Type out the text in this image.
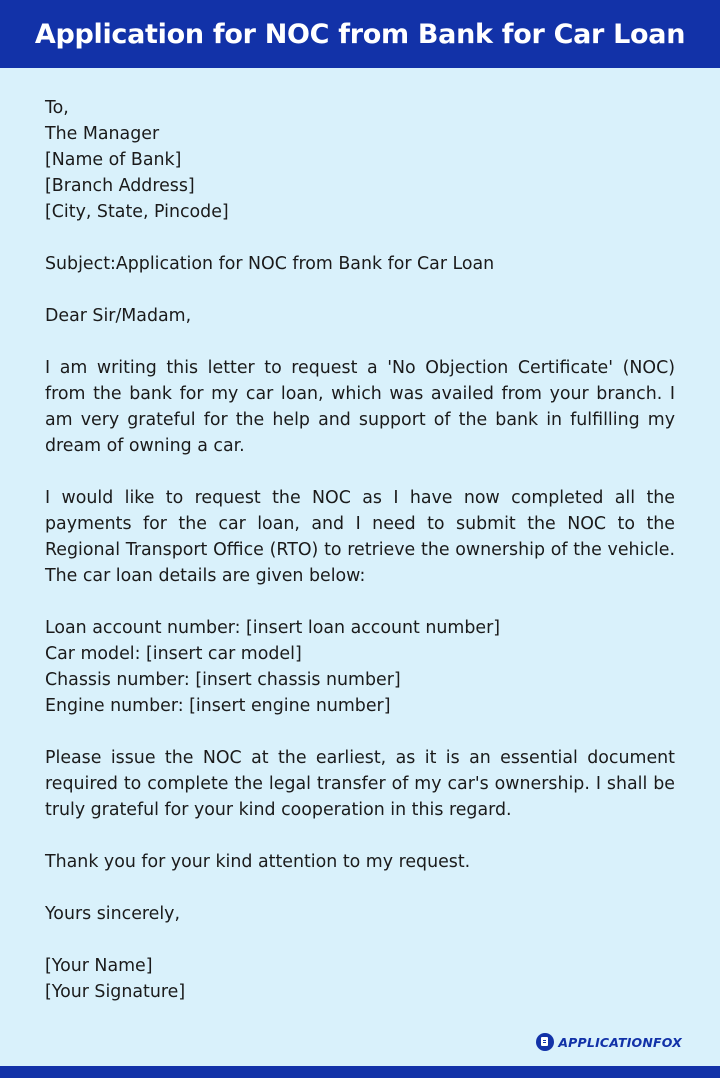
Application for NOC from Bank for Car Loan
To,
The Manager
[Name of Bank]
[Branch Address]
[City, State, Pincode]
Subject:Application for NOC from Bank for Car Loan
Dear Sir/Madam,

I am writing this letter to request a 'No Objection Certificate' (NOC) from the bank for my car loan, which was availed from your branch. I am very grateful for the help and support of the bank in fulfilling my dream of owning a car.

I would like to request the NOC as I have now completed all the payments for the car loan, and I need to submit the NOC to the Regional Transport Office (RTO) to retrieve the ownership of the vehicle. The car loan details are given below:

Loan account number: [insert loan account number]
Car model: [insert car model]
Chassis number: [insert chassis number]
Engine number: [insert engine number]

Please issue the NOC at the earliest, as it is an essential document required to complete the legal transfer of my car's ownership. I shall be truly grateful for your kind cooperation in this regard.

Thank you for your kind attention to my request.
Yours sincerely,
[Your Name]
[Your Signature]
APPLICATIONFOX
